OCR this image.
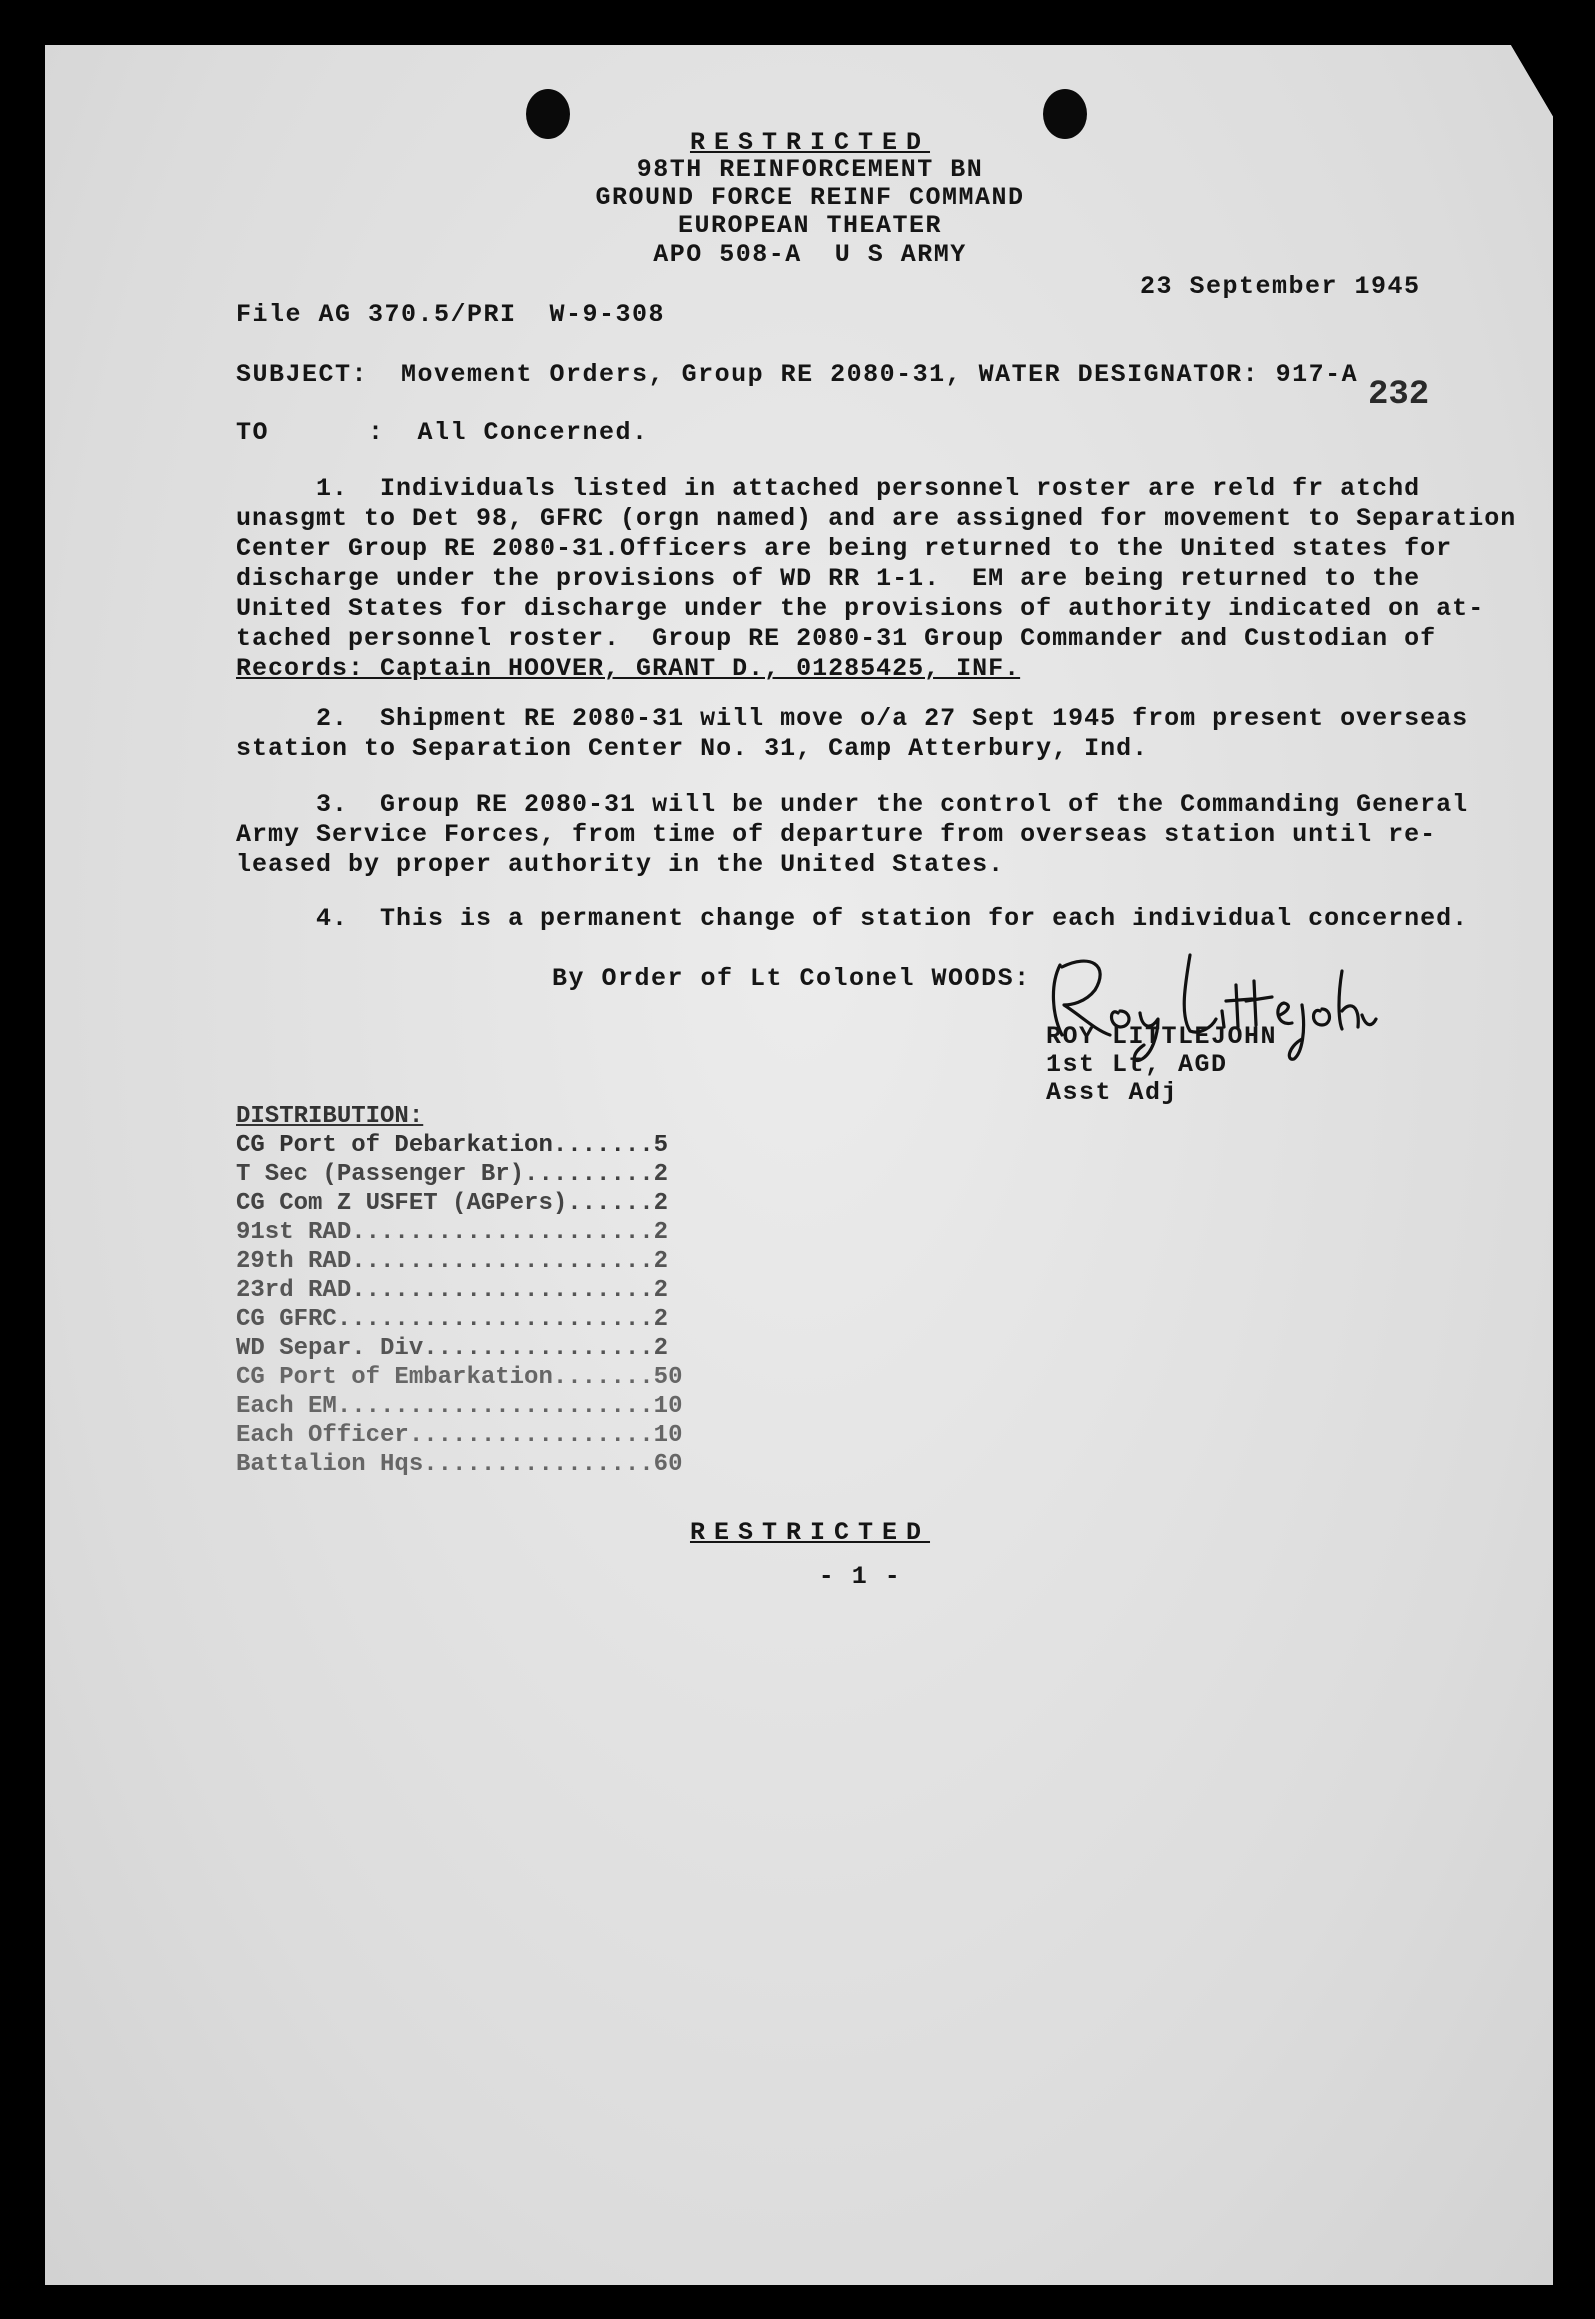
RESTRICTED
98TH REINFORCEMENT BN
GROUND FORCE REINF COMMAND
EUROPEAN THEATER
APO 508-A  U S ARMY
23 September 1945
File AG 370.5/PRI  W-9-308
SUBJECT:  Movement Orders, Group RE 2080-31, WATER DESIGNATOR: 917-A
232
TO      :  All Concerned.

1.  Individuals listed in attached personnel roster are reld fr atchd

unasgmt to Det 98, GFRC (orgn named) and are assigned for movement to Separation

Center Group RE 2080-31.Officers are being returned to the United states for

discharge under the provisions of WD RR 1-1.  EM are being returned to the

United States for discharge under the provisions of authority indicated on at-

tached personnel roster.  Group RE 2080-31 Group Commander and Custodian of

Records: Captain HOOVER, GRANT D., 01285425, INF.

2.  Shipment RE 2080-31 will move o/a 27 Sept 1945 from present overseas

station to Separation Center No. 31, Camp Atterbury, Ind.

3.  Group RE 2080-31 will be under the control of the Commanding General

Army Service Forces, from time of departure from overseas station until re-

leased by proper authority in the United States.

4.  This is a permanent change of station for each individual concerned.

By Order of Lt Colonel WOODS:
ROY LITTLEJOHN
1st Lt, AGD
Asst Adj
DISTRIBUTION:
CG Port of Debarkation.......5
T Sec (Passenger Br).........2
CG Com Z USFET (AGPers)......2
91st RAD.....................2
29th RAD.....................2
23rd RAD.....................2
CG GFRC......................2
WD Separ. Div................2
CG Port of Embarkation.......50
Each EM......................10
Each Officer.................10
Battalion Hqs................60
RESTRICTED
- 1 -
